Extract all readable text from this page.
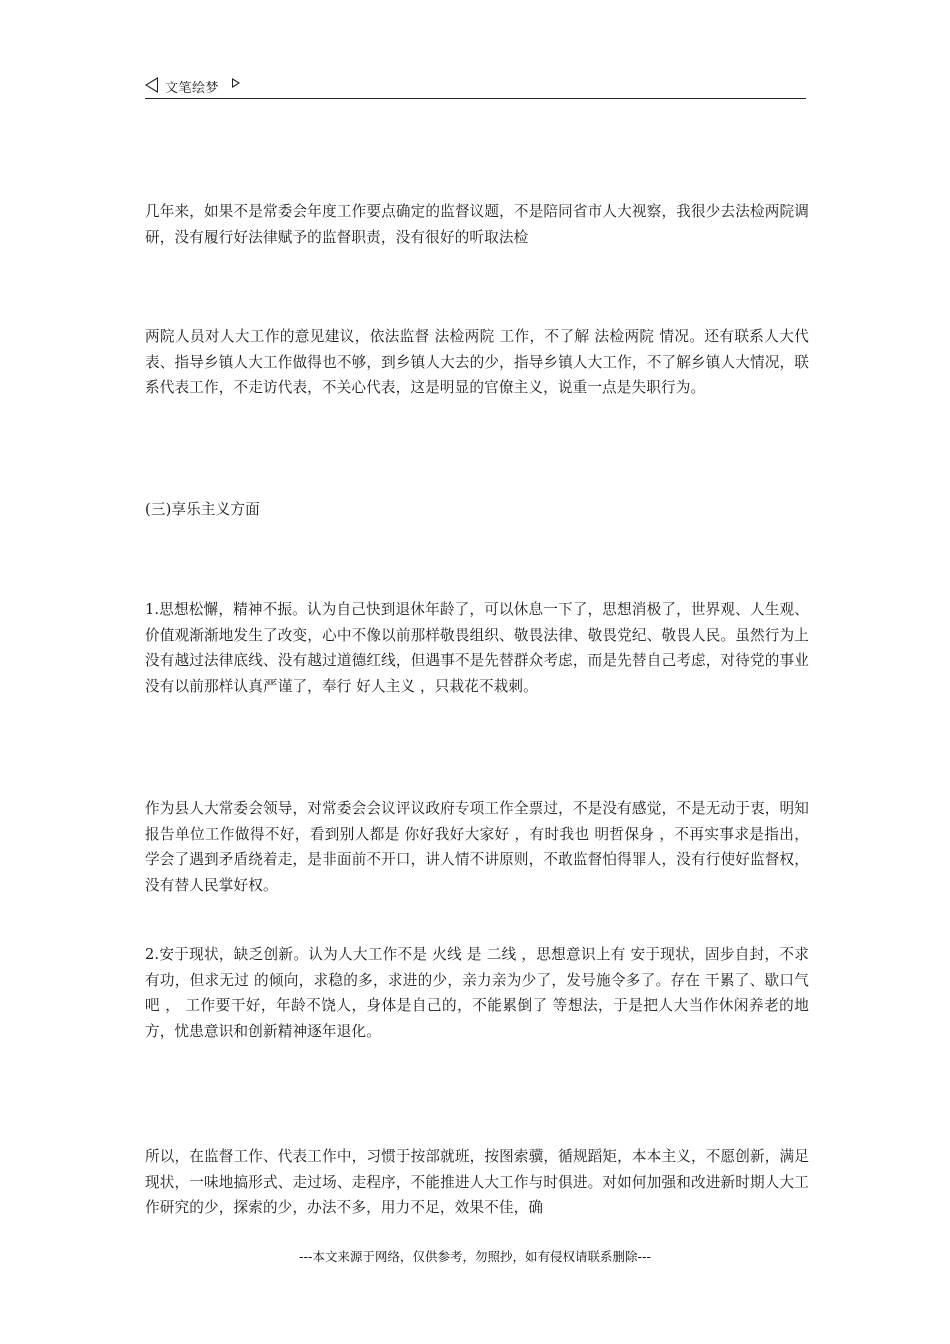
文笔绘梦

几年来，如果不是常委会年度工作要点确定的监督议题，不是陪同省市人大视察，我很少去法检两院调研，没有履行好法律赋予的监督职责，没有很好的听取法检

两院人员对人大工作的意见建议，依法监督 法检两院 工作，不了解 法检两院 情况。还有联系人大代表、指导乡镇人大工作做得也不够，到乡镇人大去的少，指导乡镇人大工作，不了解乡镇人大情况，联系代表工作，不走访代表，不关心代表，这是明显的官僚主义，说重一点是失职行为。

(三)享乐主义方面

1.思想松懈，精神不振。认为自己快到退休年龄了，可以休息一下了，思想消极了，世界观、人生观、价值观渐渐地发生了改变，心中不像以前那样敬畏组织、敬畏法律、敬畏党纪、敬畏人民。虽然行为上没有越过法律底线、没有越过道德红线，但遇事不是先替群众考虑，而是先替自己考虑，对待党的事业没有以前那样认真严谨了，奉行 好人主义 ，只栽花不栽刺。

作为县人大常委会领导，对常委会会议评议政府专项工作全票过，不是没有感觉，不是无动于衷，明知报告单位工作做得不好，看到别人都是 你好我好大家好 ，有时我也 明哲保身 ，不再实事求是指出，学会了遇到矛盾绕着走，是非面前不开口，讲人情不讲原则，不敢监督怕得罪人，没有行使好监督权，没有替人民掌好权。

2.安于现状，缺乏创新。认为人大工作不是 火线 是 二线 ，思想意识上有 安于现状，固步自封，不求有功，但求无过 的倾向，求稳的多，求进的少，亲力亲为少了，发号施令多了。存在 干累了、歇口气吧 ， 工作要干好，年龄不饶人，身体是自己的，不能累倒了 等想法，于是把人大当作休闲养老的地方，忧患意识和创新精神逐年退化。

所以，在监督工作、代表工作中，习惯于按部就班，按图索骥，循规蹈矩，本本主义，不愿创新，满足现状，一味地搞形式、走过场、走程序，不能推进人大工作与时俱进。对如何加强和改进新时期人大工作研究的少，探索的少，办法不多，用力不足，效果不佳，确

---本文来源于网络，仅供参考，勿照抄，如有侵权请联系删除---
